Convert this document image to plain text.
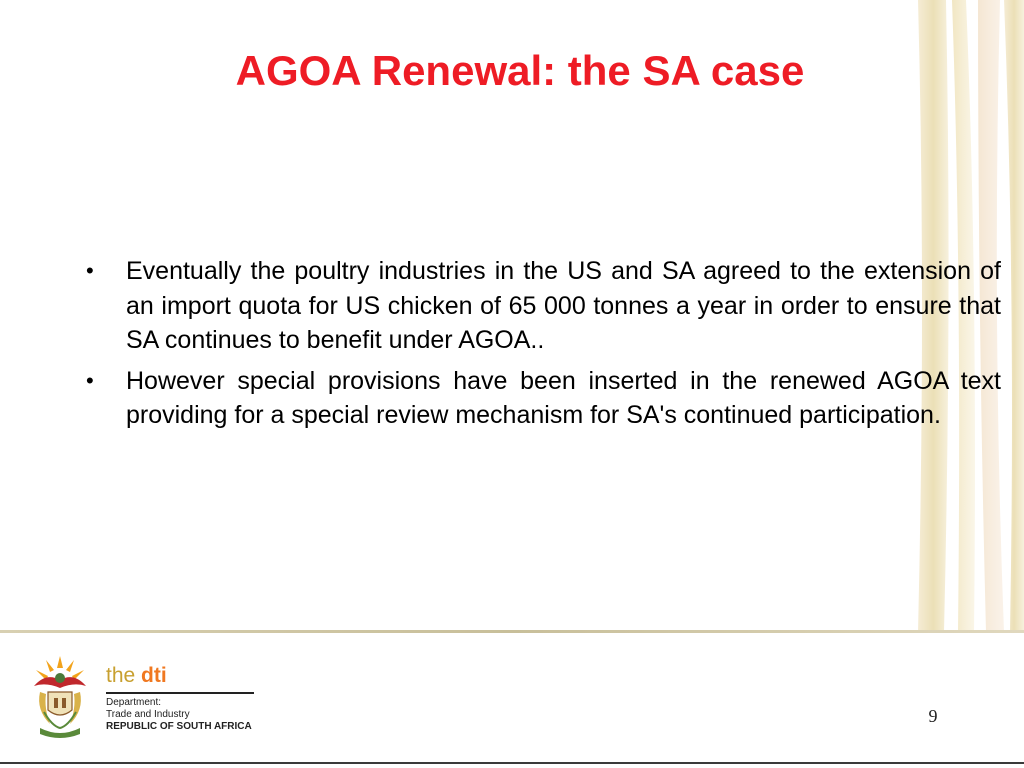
AGOA Renewal: the SA case
• Eventually the poultry industries in the US and SA agreed to the extension of an import quota for US chicken of 65 000 tonnes a year in order to ensure that SA continues to benefit under AGOA..
• However special provisions have been inserted in the renewed AGOA text providing for a special review mechanism for SA's continued participation.
the dti
Department:
Trade and Industry
REPUBLIC OF SOUTH AFRICA
9
